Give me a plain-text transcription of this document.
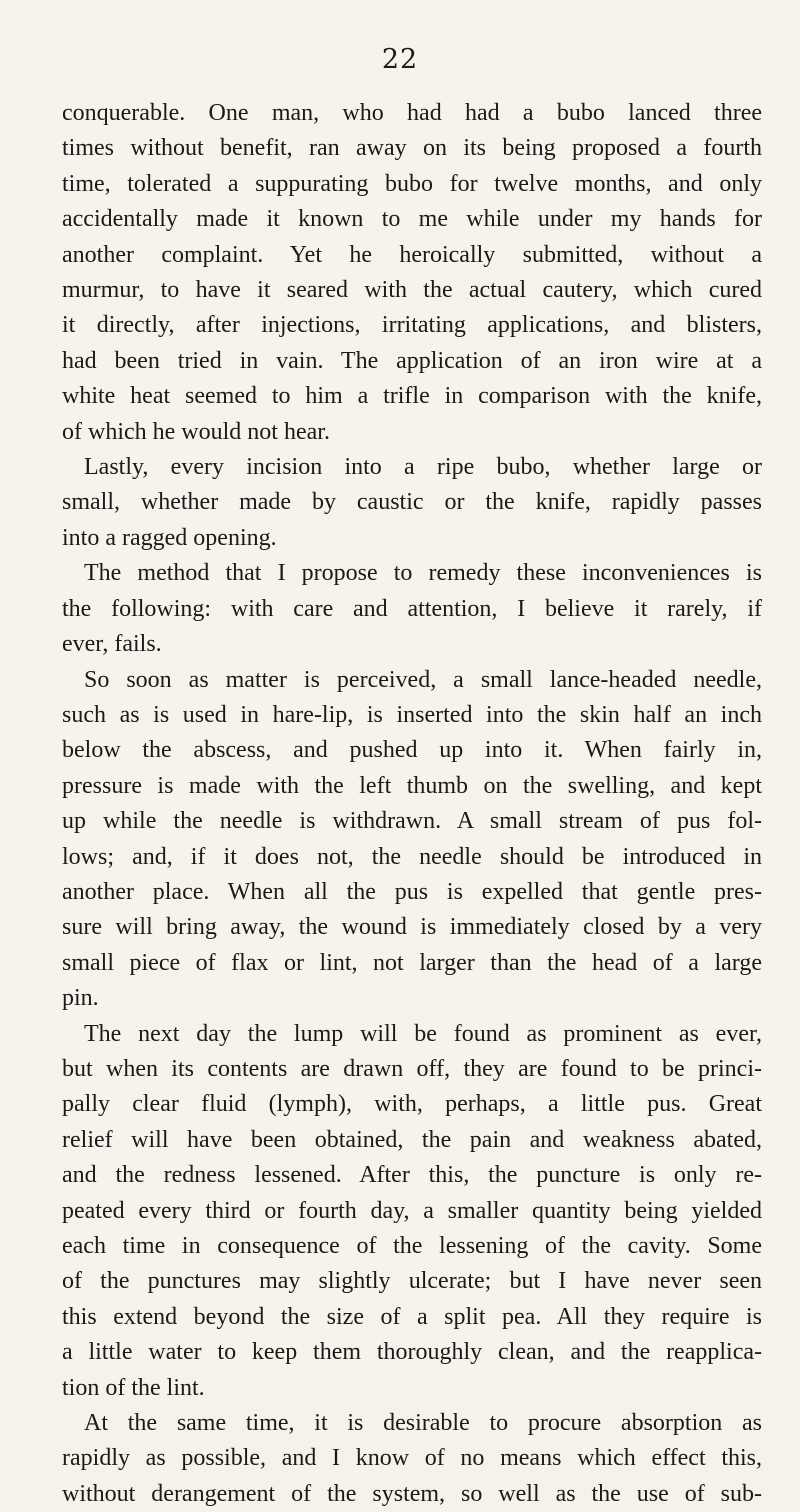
22
conquerable. One man, who had had a bubo lanced three
times without benefit, ran away on its being proposed a fourth
time, tolerated a suppurating bubo for twelve months, and only
accidentally made it known to me while under my hands for
another complaint. Yet he heroically submitted, without a
murmur, to have it seared with the actual cautery, which cured
it directly, after injections, irritating applications, and blisters,
had been tried in vain. The application of an iron wire at a
white heat seemed to him a trifle in comparison with the knife,
of which he would not hear.
Lastly, every incision into a ripe bubo, whether large or
small, whether made by caustic or the knife, rapidly passes
into a ragged opening.
The method that I propose to remedy these inconveniences is
the following: with care and attention, I believe it rarely, if
ever, fails.
So soon as matter is perceived, a small lance-headed needle,
such as is used in hare-lip, is inserted into the skin half an inch
below the abscess, and pushed up into it. When fairly in,
pressure is made with the left thumb on the swelling, and kept
up while the needle is withdrawn. A small stream of pus fol-
lows; and, if it does not, the needle should be introduced in
another place. When all the pus is expelled that gentle pres-
sure will bring away, the wound is immediately closed by a very
small piece of flax or lint, not larger than the head of a large
pin.
The next day the lump will be found as prominent as ever,
but when its contents are drawn off, they are found to be princi-
pally clear fluid (lymph), with, perhaps, a little pus. Great
relief will have been obtained, the pain and weakness abated,
and the redness lessened. After this, the puncture is only re-
peated every third or fourth day, a smaller quantity being yielded
each time in consequence of the lessening of the cavity. Some
of the punctures may slightly ulcerate; but I have never seen
this extend beyond the size of a split pea. All they require is
a little water to keep them thoroughly clean, and the reapplica-
tion of the lint.
At the same time, it is desirable to procure absorption as
rapidly as possible, and I know of no means which effect this,
without derangement of the system, so well as the use of sub-
